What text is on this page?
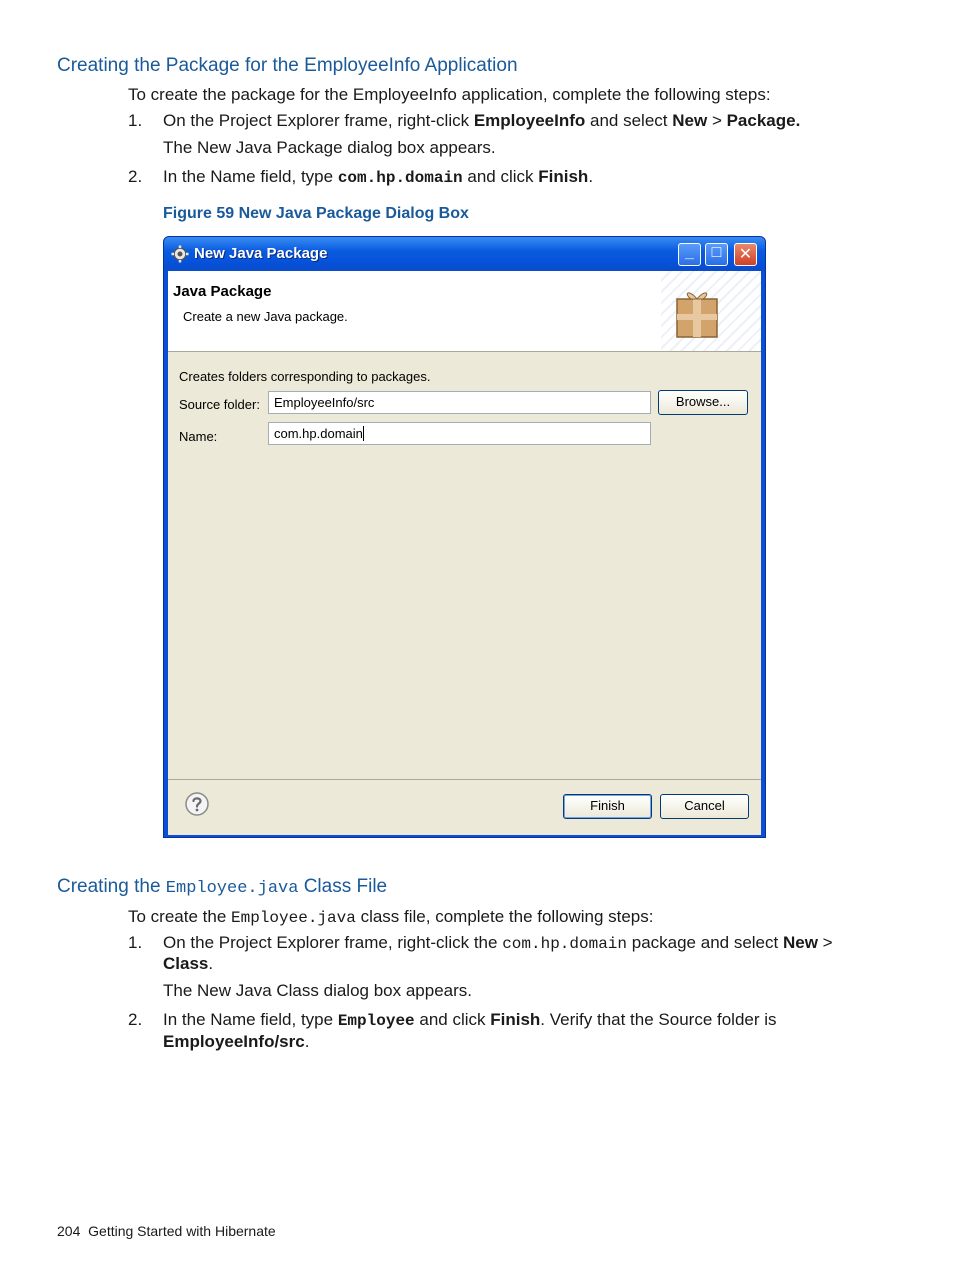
Creating the Package for the EmployeeInfo Application
To create the package for the EmployeeInfo application, complete the following steps:
1. On the Project Explorer frame, right-click EmployeeInfo and select New > Package.
The New Java Package dialog box appears.
2. In the Name field, type com.hp.domain and click Finish.
Figure 59 New Java Package Dialog Box
New Java Package	_	□	✕
Java Package
Create a new Java package.
Creates folders corresponding to packages.
Source folder:	EmployeeInfo/src	Browse...
Name:	com.hp.domain
Finish	Cancel
Creating the Employee.java Class File
To create the Employee.java class file, complete the following steps:
1. On the Project Explorer frame, right-click the com.hp.domain package and select New >
Class.
The New Java Class dialog box appears.
2. In the Name field, type Employee and click Finish. Verify that the Source folder is
EmployeeInfo/src.
204 Getting Started with Hibernate
